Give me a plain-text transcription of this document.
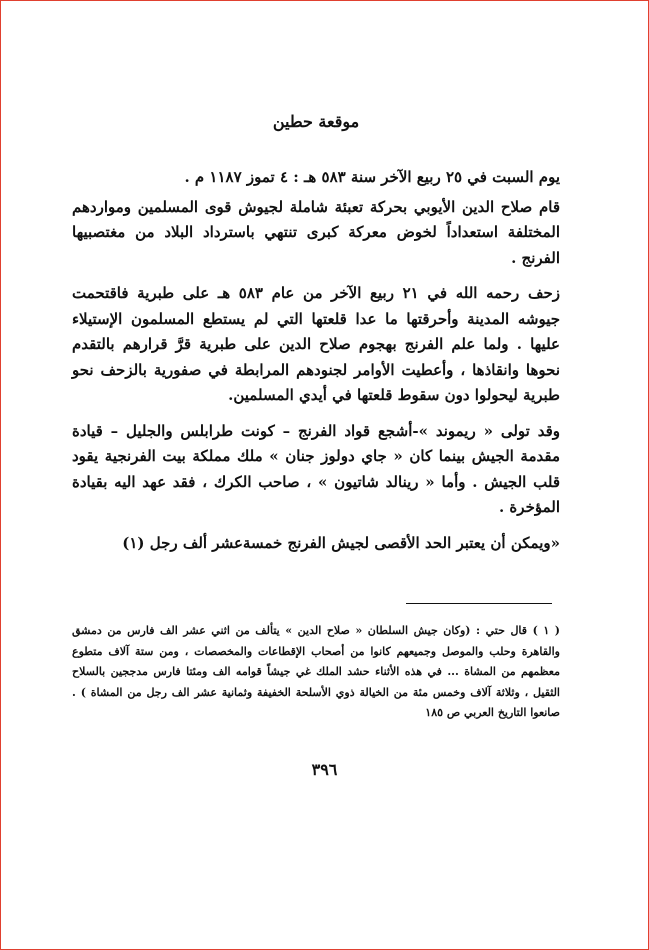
موقعة حطين

يوم السبت في ٢٥ ربيع الآخر سنة ٥٨٣ هـ : ٤ تموز ١١٨٧ م .

قام صلاح الدين الأيوبي بحركة تعبئة شاملة لجيوش قوى المسلمين ومواردهم المختلفة استعداداً لخوض معركة كبرى تنتهي باسترداد البلاد من مغتصبيها الفرنج .

زحف رحمه الله في ٢١ ربيع الآخر من عام ٥٨٣ هـ على طبرية فاقتحمت جيوشه المدينة وأحرقتها ما عدا قلعتها التي لم يستطع المسلمون الإستيلاء عليها . ولما علم الفرنج بهجوم صلاح الدين على طبرية قرَّ قرارهم بالتقدم نحوها وانقاذها ، وأعطيت الأوامر لجنودهم المرابطة في صفورية بالزحف نحو طبرية ليحولوا دون سقوط قلعتها في أيدي المسلمين.

وقد تولى « ريموند »-أشجع قواد الفرنج – كونت طرابلس والجليل – قيادة مقدمة الجيش بينما كان « جاي دولوز جنان » ملك مملكة بيت الفرنجية يقود قلب الجيش . وأما « رينالد شاتيون » ، صاحب الكرك ، فقد عهد اليه بقيادة المؤخرة .

«ويمكن أن يعتبر الحد الأقصى لجيش الفرنج خمسةعشر ألف رجل (١)

( ١ ) قال حتي : (وكان جيش السلطان « صلاح الدين » يتألف من اثني عشر الف فارس من دمشق والقاهرة وحلب والموصل وجميعهم كانوا من أصحاب الإقطاعات والمخصصات ، ومن ستة آلاف متطوع معظمهم من المشاة ... في هذه الأثناء حشد الملك غي جيشاً قوامه الف ومئتا فارس مدججين بالسلاح الثقيل ، وثلاثة آلاف وخمس مئة من الخيالة ذوي الأسلحة الخفيفة وثمانية عشر الف رجل من المشاة ) . صانعوا التاريخ العربي ص ١٨٥
٣٩٦
